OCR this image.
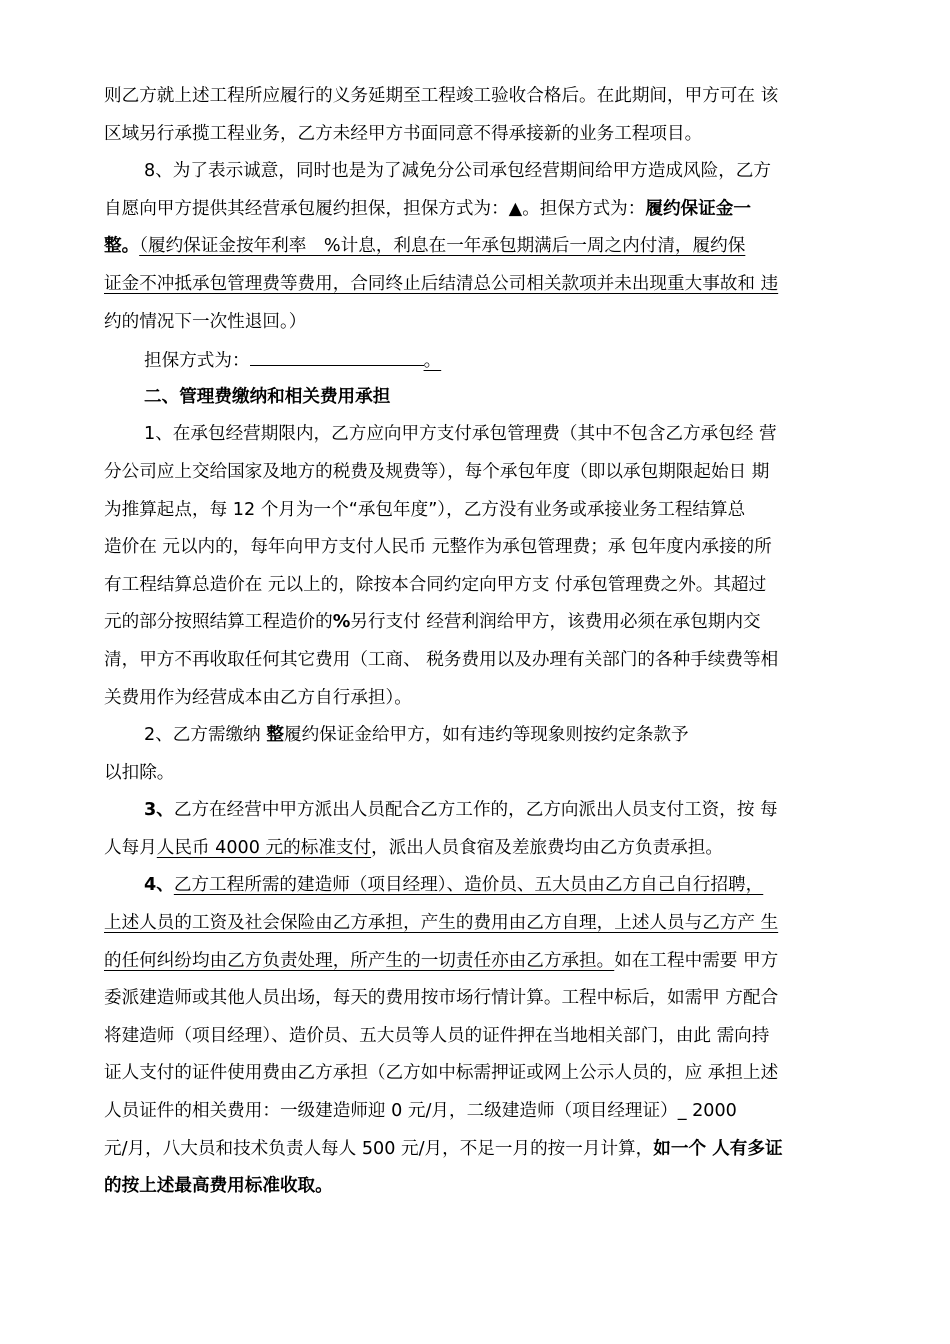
则乙方就上述工程所应履行的义务延期至工程竣工验收合格后。在此期间，甲方可在 该
区域另行承揽工程业务，乙方未经甲方书面同意不得承接新的业务工程项目。
8、为了表示诚意，同时也是为了减免分公司承包经营期间给甲方造成风险，乙方
自愿向甲方提供其经营承包履约担保，担保方式为：▲。担保方式为：履约保证金一
整。（履约保证金按年利率　%计息，利息在一年承包期满后一周之内付清，履约保
证金不冲抵承包管理费等费用，合同终止后结清总公司相关款项并未出现重大事故和 违
约的情况下一次性退回。）
担保方式为：	。
二、管理费缴纳和相关费用承担
1、在承包经营期限内，乙方应向甲方支付承包管理费（其中不包含乙方承包经 营
分公司应上交给国家及地方的税费及规费等），每个承包年度（即以承包期限起始日 期
为推算起点，每 12 个月为一个“承包年度”），乙方没有业务或承接业务工程结算总
造价在 元以内的，每年向甲方支付人民币 元整作为承包管理费；承 包年度内承接的所
有工程结算总造价在 元以上的，除按本合同约定向甲方支 付承包管理费之外。其超过
元的部分按照结算工程造价的%另行支付 经营利润给甲方，该费用必须在承包期内交
清，甲方不再收取任何其它费用（工商、 税务费用以及办理有关部门的各种手续费等相
关费用作为经营成本由乙方自行承担）。
2、乙方需缴纳 整履约保证金给甲方，如有违约等现象则按约定条款予
以扣除。
3、乙方在经营中甲方派出人员配合乙方工作的，乙方向派出人员支付工资，按 每
人每月人民币 4000 元的标准支付，派出人员食宿及差旅费均由乙方负责承担。
4、乙方工程所需的建造师（项目经理）、造价员、五大员由乙方自己自行招聘，
上述人员的工资及社会保险由乙方承担，产生的费用由乙方自理，上述人员与乙方产 生
的任何纠纷均由乙方负责处理，所产生的一切责任亦由乙方承担。如在工程中需要 甲方
委派建造师或其他人员出场，每天的费用按市场行情计算。工程中标后，如需甲 方配合
将建造师（项目经理）、造价员、五大员等人员的证件押在当地相关部门，由此 需向持
证人支付的证件使用费由乙方承担（乙方如中标需押证或网上公示人员的，应 承担上述
人员证件的相关费用：一级建造师迎 0 元/月，二级建造师（项目经理证）_ 2000
元/月，八大员和技术负责人每人 500 元/月，不足一月的按一月计算，如一个 人有多证
的按上述最高费用标准收取。
